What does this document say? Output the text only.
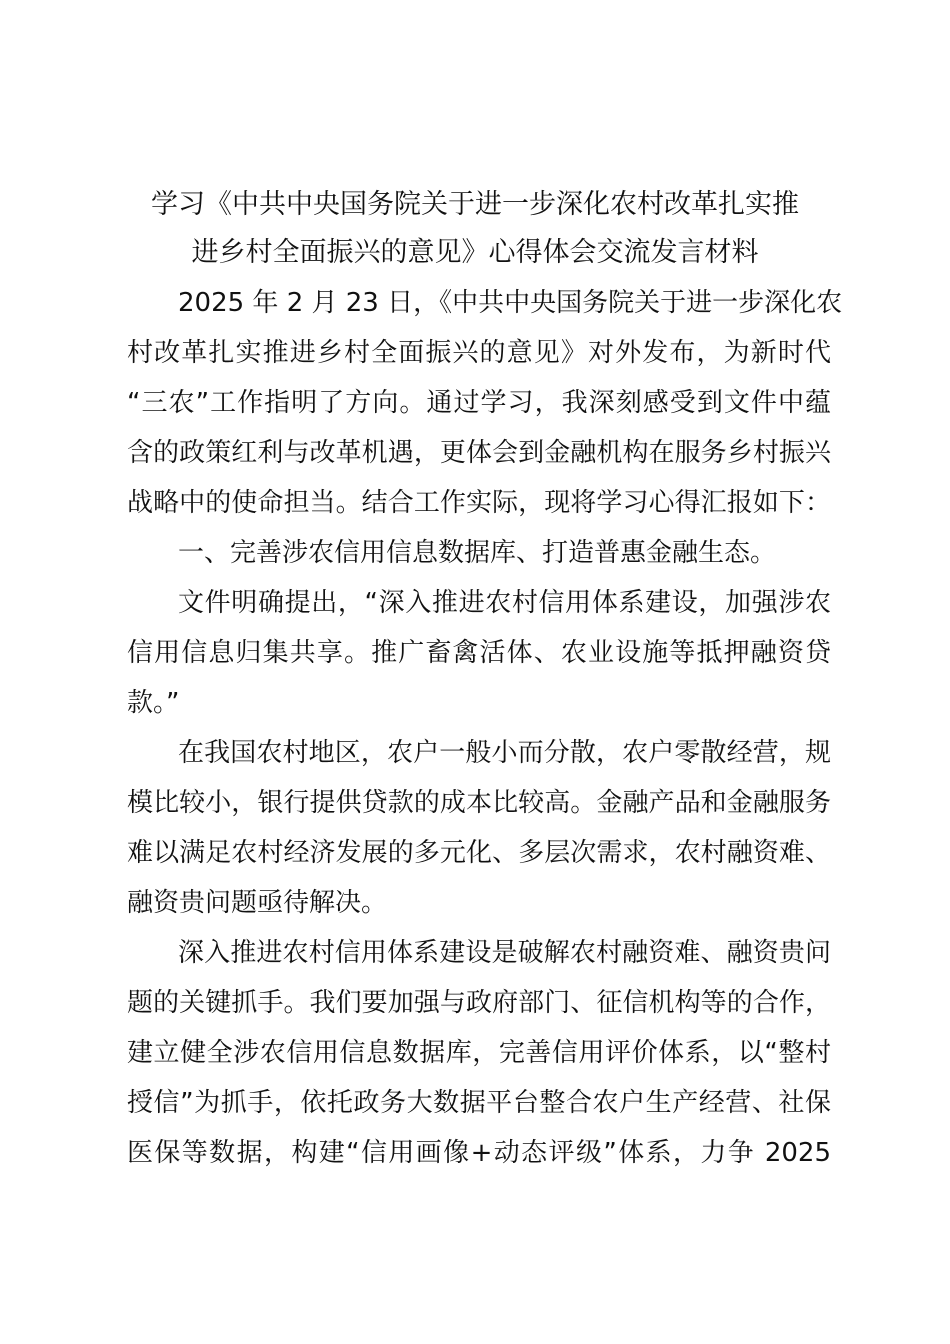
学习《中共中央国务院关于进一步深化农村改革扎实推
进乡村全面振兴的意见》心得体会交流发言材料
2025 年 2 月 23 日，《中共中央国务院关于进一步深化农
村改革扎实推进乡村全面振兴的意见》对外发布，为新时代
“三农”工作指明了方向。通过学习，我深刻感受到文件中蕴
含的政策红利与改革机遇，更体会到金融机构在服务乡村振兴
战略中的使命担当。结合工作实际，现将学习心得汇报如下：
一、完善涉农信用信息数据库、打造普惠金融生态。
文件明确提出，“深入推进农村信用体系建设，加强涉农
信用信息归集共享。推广畜禽活体、农业设施等抵押融资贷
款。”
在我国农村地区，农户一般小而分散，农户零散经营，规
模比较小，银行提供贷款的成本比较高。金融产品和金融服务
难以满足农村经济发展的多元化、多层次需求，农村融资难、
融资贵问题亟待解决。
深入推进农村信用体系建设是破解农村融资难、融资贵问
题的关键抓手。我们要加强与政府部门、征信机构等的合作，
建立健全涉农信用信息数据库，完善信用评价体系，以“整村
授信”为抓手，依托政务大数据平台整合农户生产经营、社保
医保等数据，构建“信用画像+动态评级”体系，力争 2025
